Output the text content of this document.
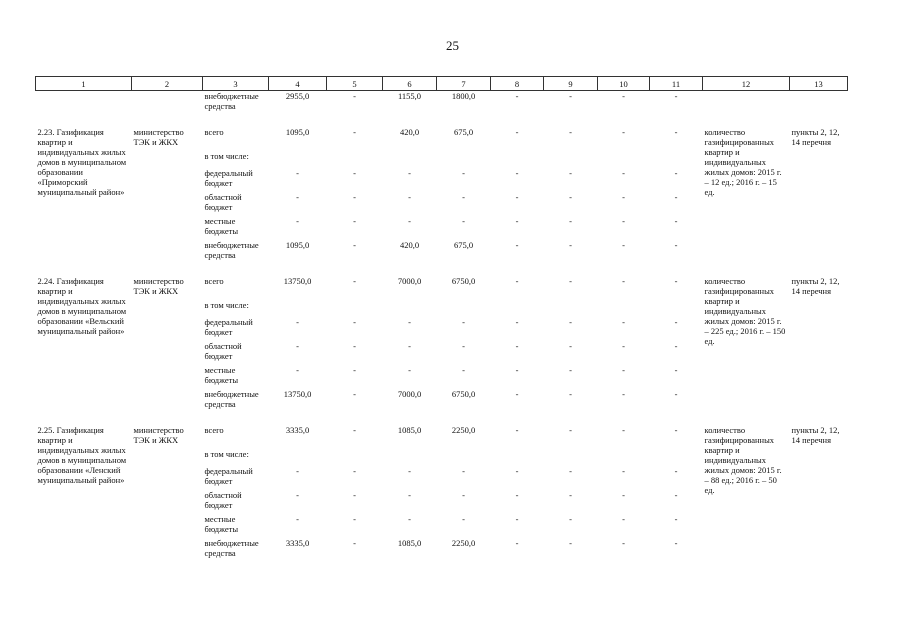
25
1	2	3	4	5	6	7	8	9	10	11	12	13
		внебюджетные средства	2955,0	-	1155,0	1800,0	-	-	-	-		

2.23. Газификация квартир и индивидуальных жилых домов в муниципальном образовании «Приморский муниципальный район»	министерство ТЭК и ЖКХ	всего	1095,0	-	420,0	675,0	-	-	-	-	количество газифицированных квартир и индивидуальных жилых домов: 2015 г. – 12 ед.; 2016 г. – 15 ед.	пункты 2, 12, 14 перечня
		в том числе:										
		федеральный бюджет	-	-	-	-	-	-	-	-		
		областной бюджет	-	-	-	-	-	-	-	-		
		местные бюджеты	-	-	-	-	-	-	-	-		
		внебюджетные средства	1095,0	-	420,0	675,0	-	-	-	-		

2.24. Газификация квартир и индивидуальных жилых домов в муниципальном образовании «Вельский муниципальный район»	министерство ТЭК и ЖКХ	всего	13750,0	-	7000,0	6750,0	-	-	-	-	количество газифицированных квартир и индивидуальных жилых домов: 2015 г. – 225 ед.; 2016 г. – 150 ед.	пункты 2, 12, 14 перечня
		в том числе:										
		федеральный бюджет	-	-	-	-	-	-	-	-		
		областной бюджет	-	-	-	-	-	-	-	-		
		местные бюджеты	-	-	-	-	-	-	-	-		
		внебюджетные средства	13750,0	-	7000,0	6750,0	-	-	-	-		

2.25. Газификация квартир и индивидуальных жилых домов в муниципальном образовании «Ленский муниципальный район»	министерство ТЭК и ЖКХ	всего	3335,0	-	1085,0	2250,0	-	-	-	-	количество газифицированных квартир и индивидуальных жилых домов: 2015 г. – 88 ед.; 2016 г. – 50 ед.	пункты 2, 12, 14 перечня
		в том числе:										
		федеральный бюджет	-	-	-	-	-	-	-	-		
		областной бюджет	-	-	-	-	-	-	-	-		
		местные бюджеты	-	-	-	-	-	-	-	-		
		внебюджетные средства	3335,0	-	1085,0	2250,0	-	-	-	-		
